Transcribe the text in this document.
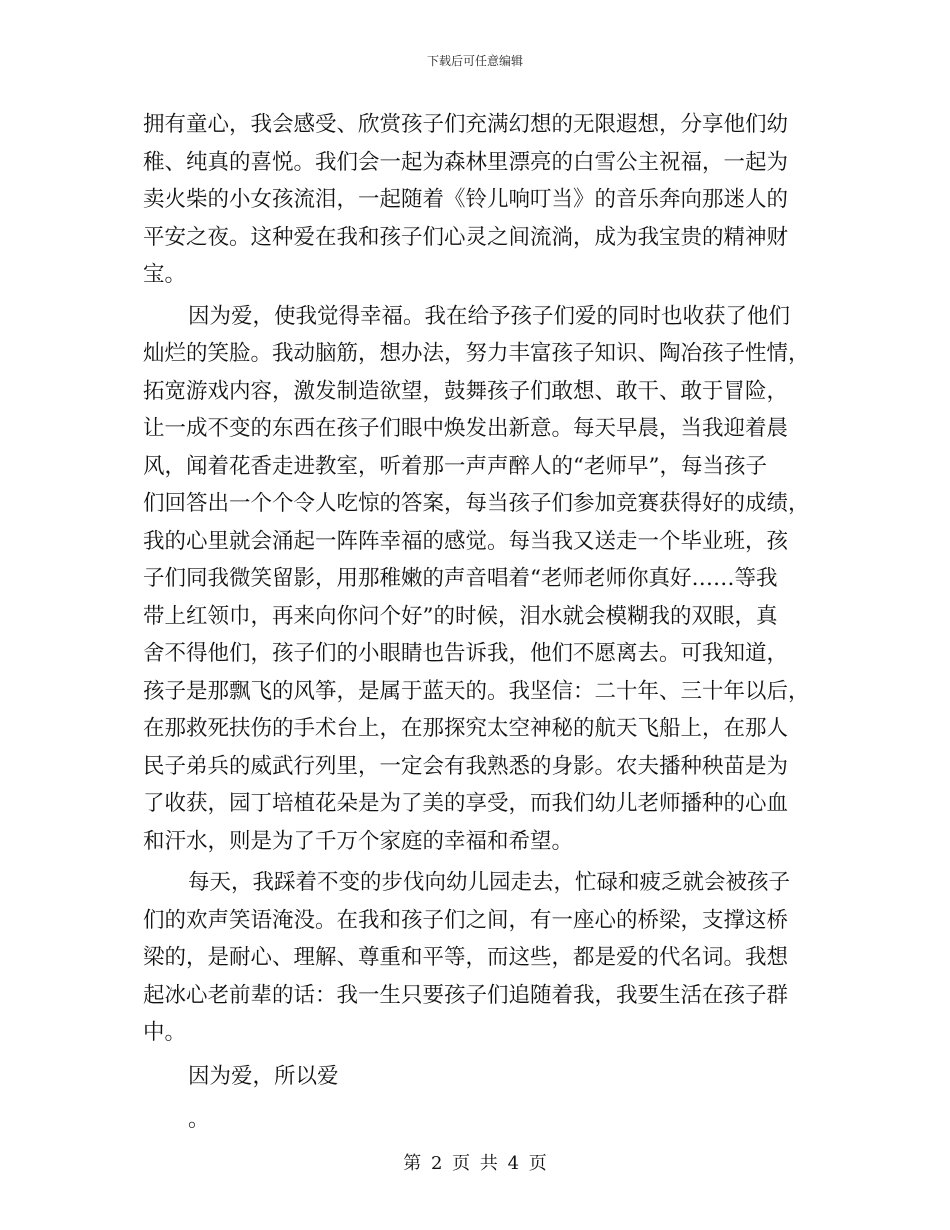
下载后可任意编辑
拥有童心，我会感受、欣赏孩子们充满幻想的无限遐想，分享他们幼
稚、纯真的喜悦。我们会一起为森林里漂亮的白雪公主祝福，一起为
卖火柴的小女孩流泪，一起随着《铃儿响叮当》的音乐奔向那迷人的
平安之夜。这种爱在我和孩子们心灵之间流淌，成为我宝贵的精神财
宝。
因为爱，使我觉得幸福。我在给予孩子们爱的同时也收获了他们
灿烂的笑脸。我动脑筋，想办法，努力丰富孩子知识、陶冶孩子性情，
拓宽游戏内容，激发制造欲望，鼓舞孩子们敢想、敢干、敢于冒险，
让一成不变的东西在孩子们眼中焕发出新意。每天早晨，当我迎着晨
风，闻着花香走进教室，听着那一声声醉人的“老师早”，每当孩子
们回答出一个个令人吃惊的答案，每当孩子们参加竞赛获得好的成绩，
我的心里就会涌起一阵阵幸福的感觉。每当我又送走一个毕业班，孩
子们同我微笑留影，用那稚嫩的声音唱着“老师老师你真好……等我
带上红领巾，再来向你问个好”的时候，泪水就会模糊我的双眼，真
舍不得他们，孩子们的小眼睛也告诉我，他们不愿离去。可我知道，
孩子是那飘飞的风筝，是属于蓝天的。我坚信：二十年、三十年以后，
在那救死扶伤的手术台上，在那探究太空神秘的航天飞船上，在那人
民子弟兵的威武行列里，一定会有我熟悉的身影。农夫播种秧苗是为
了收获，园丁培植花朵是为了美的享受，而我们幼儿老师播种的心血
和汗水，则是为了千万个家庭的幸福和希望。
每天，我踩着不变的步伐向幼儿园走去，忙碌和疲乏就会被孩子
们的欢声笑语淹没。在我和孩子们之间，有一座心的桥梁，支撑这桥
梁的，是耐心、理解、尊重和平等，而这些，都是爱的代名词。我想
起冰心老前辈的话：我一生只要孩子们追随着我，我要生活在孩子群
中。
因为爱，所以爱
。
第 2 页 共 4 页
